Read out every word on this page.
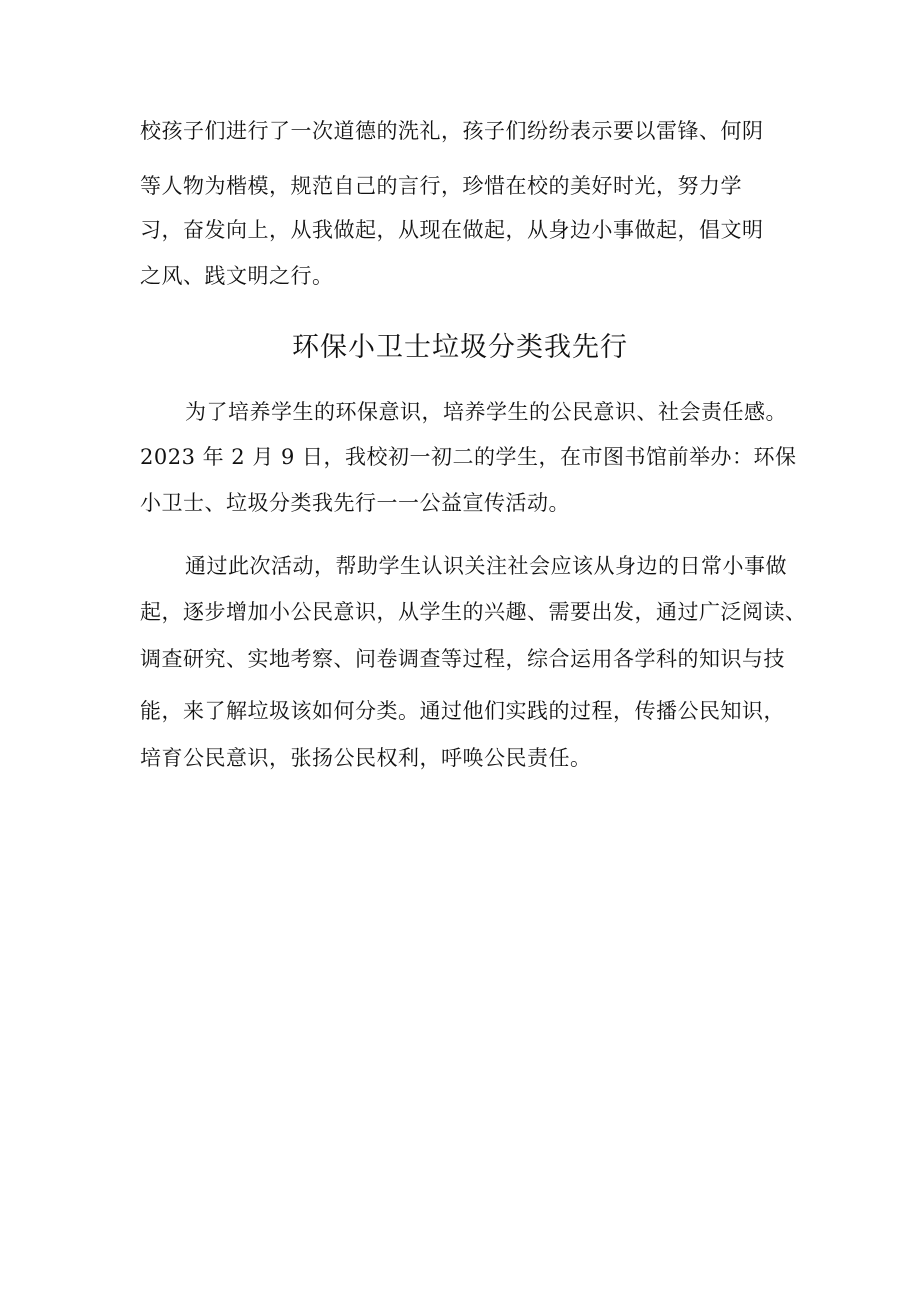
校孩子们进行了一次道德的洗礼，孩子们纷纷表示要以雷锋、何阴
等人物为楷模，规范自己的言行，珍惜在校的美好时光，努力学
习，奋发向上，从我做起，从现在做起，从身边小事做起，倡文明
之风、践文明之行。
环保小卫士垃圾分类我先行
为了培养学生的环保意识，培养学生的公民意识、社会责任感。
2023 年 2 月 9 日，我校初一初二的学生，在市图书馆前举办：环保
小卫士、垃圾分类我先行一一公益宣传活动。
通过此次活动，帮助学生认识关注社会应该从身边的日常小事做
起，逐步增加小公民意识，从学生的兴趣、需要出发，通过广泛阅读、
调查研究、实地考察、问卷调查等过程，综合运用各学科的知识与技
能，来了解垃圾该如何分类。通过他们实践的过程，传播公民知识，
培育公民意识，张扬公民权利，呼唤公民责任。
